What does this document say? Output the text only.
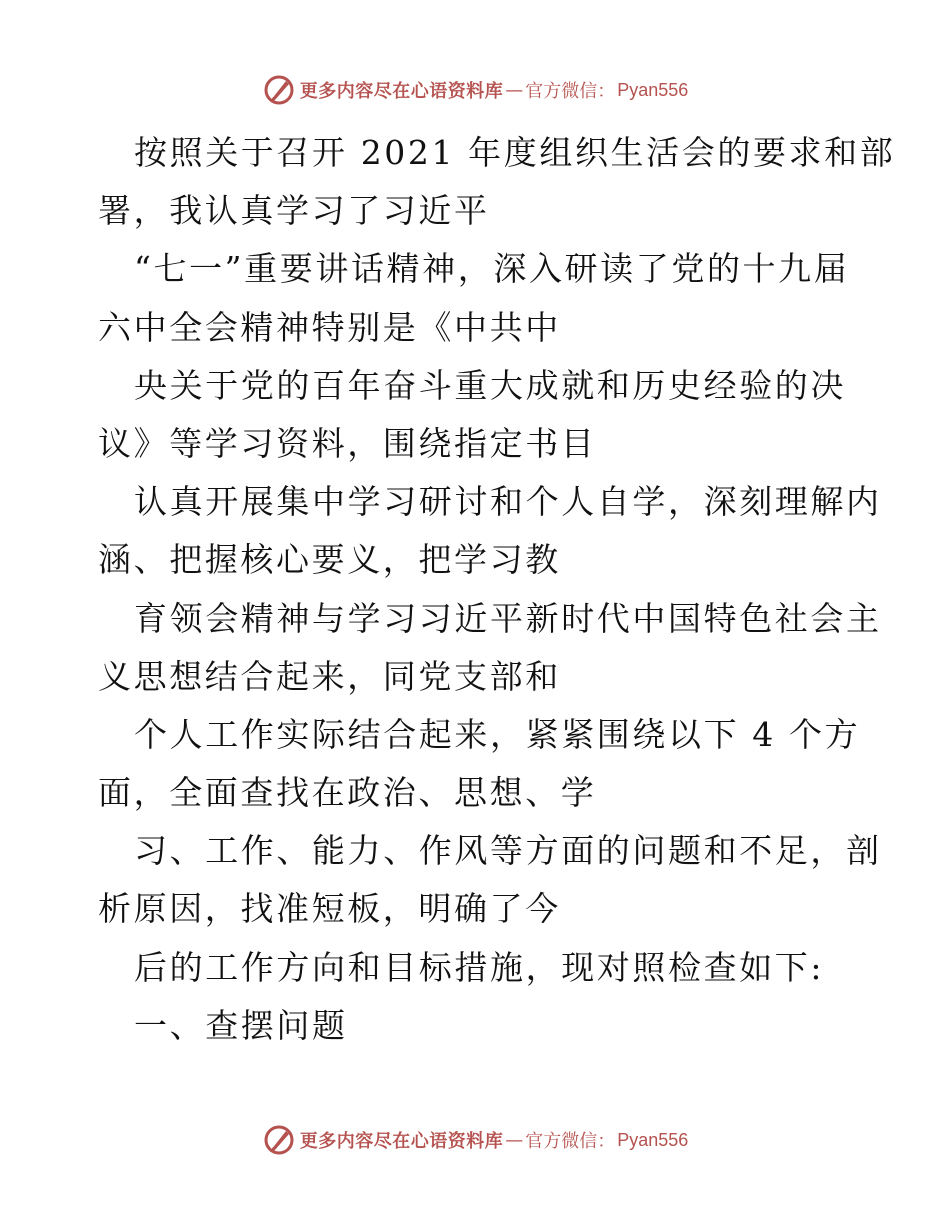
更多内容尽在心语资料库 — 官方微信： Pyan556
按照关于召开 2021 年度组织生活会的要求和部
署，我认真学习了习近平
“七一”重要讲话精神，深入研读了党的十九届
六中全会精神特别是《中共中
央关于党的百年奋斗重大成就和历史经验的决
议》等学习资料，围绕指定书目
认真开展集中学习研讨和个人自学，深刻理解内
涵、把握核心要义，把学习教
育领会精神与学习习近平新时代中国特色社会主
义思想结合起来，同党支部和
个人工作实际结合起来，紧紧围绕以下 4 个方
面，全面查找在政治、思想、学
习、工作、能力、作风等方面的问题和不足，剖
析原因，找准短板，明确了今
后的工作方向和目标措施，现对照检查如下:
一、查摆问题
更多内容尽在心语资料库 — 官方微信： Pyan556
